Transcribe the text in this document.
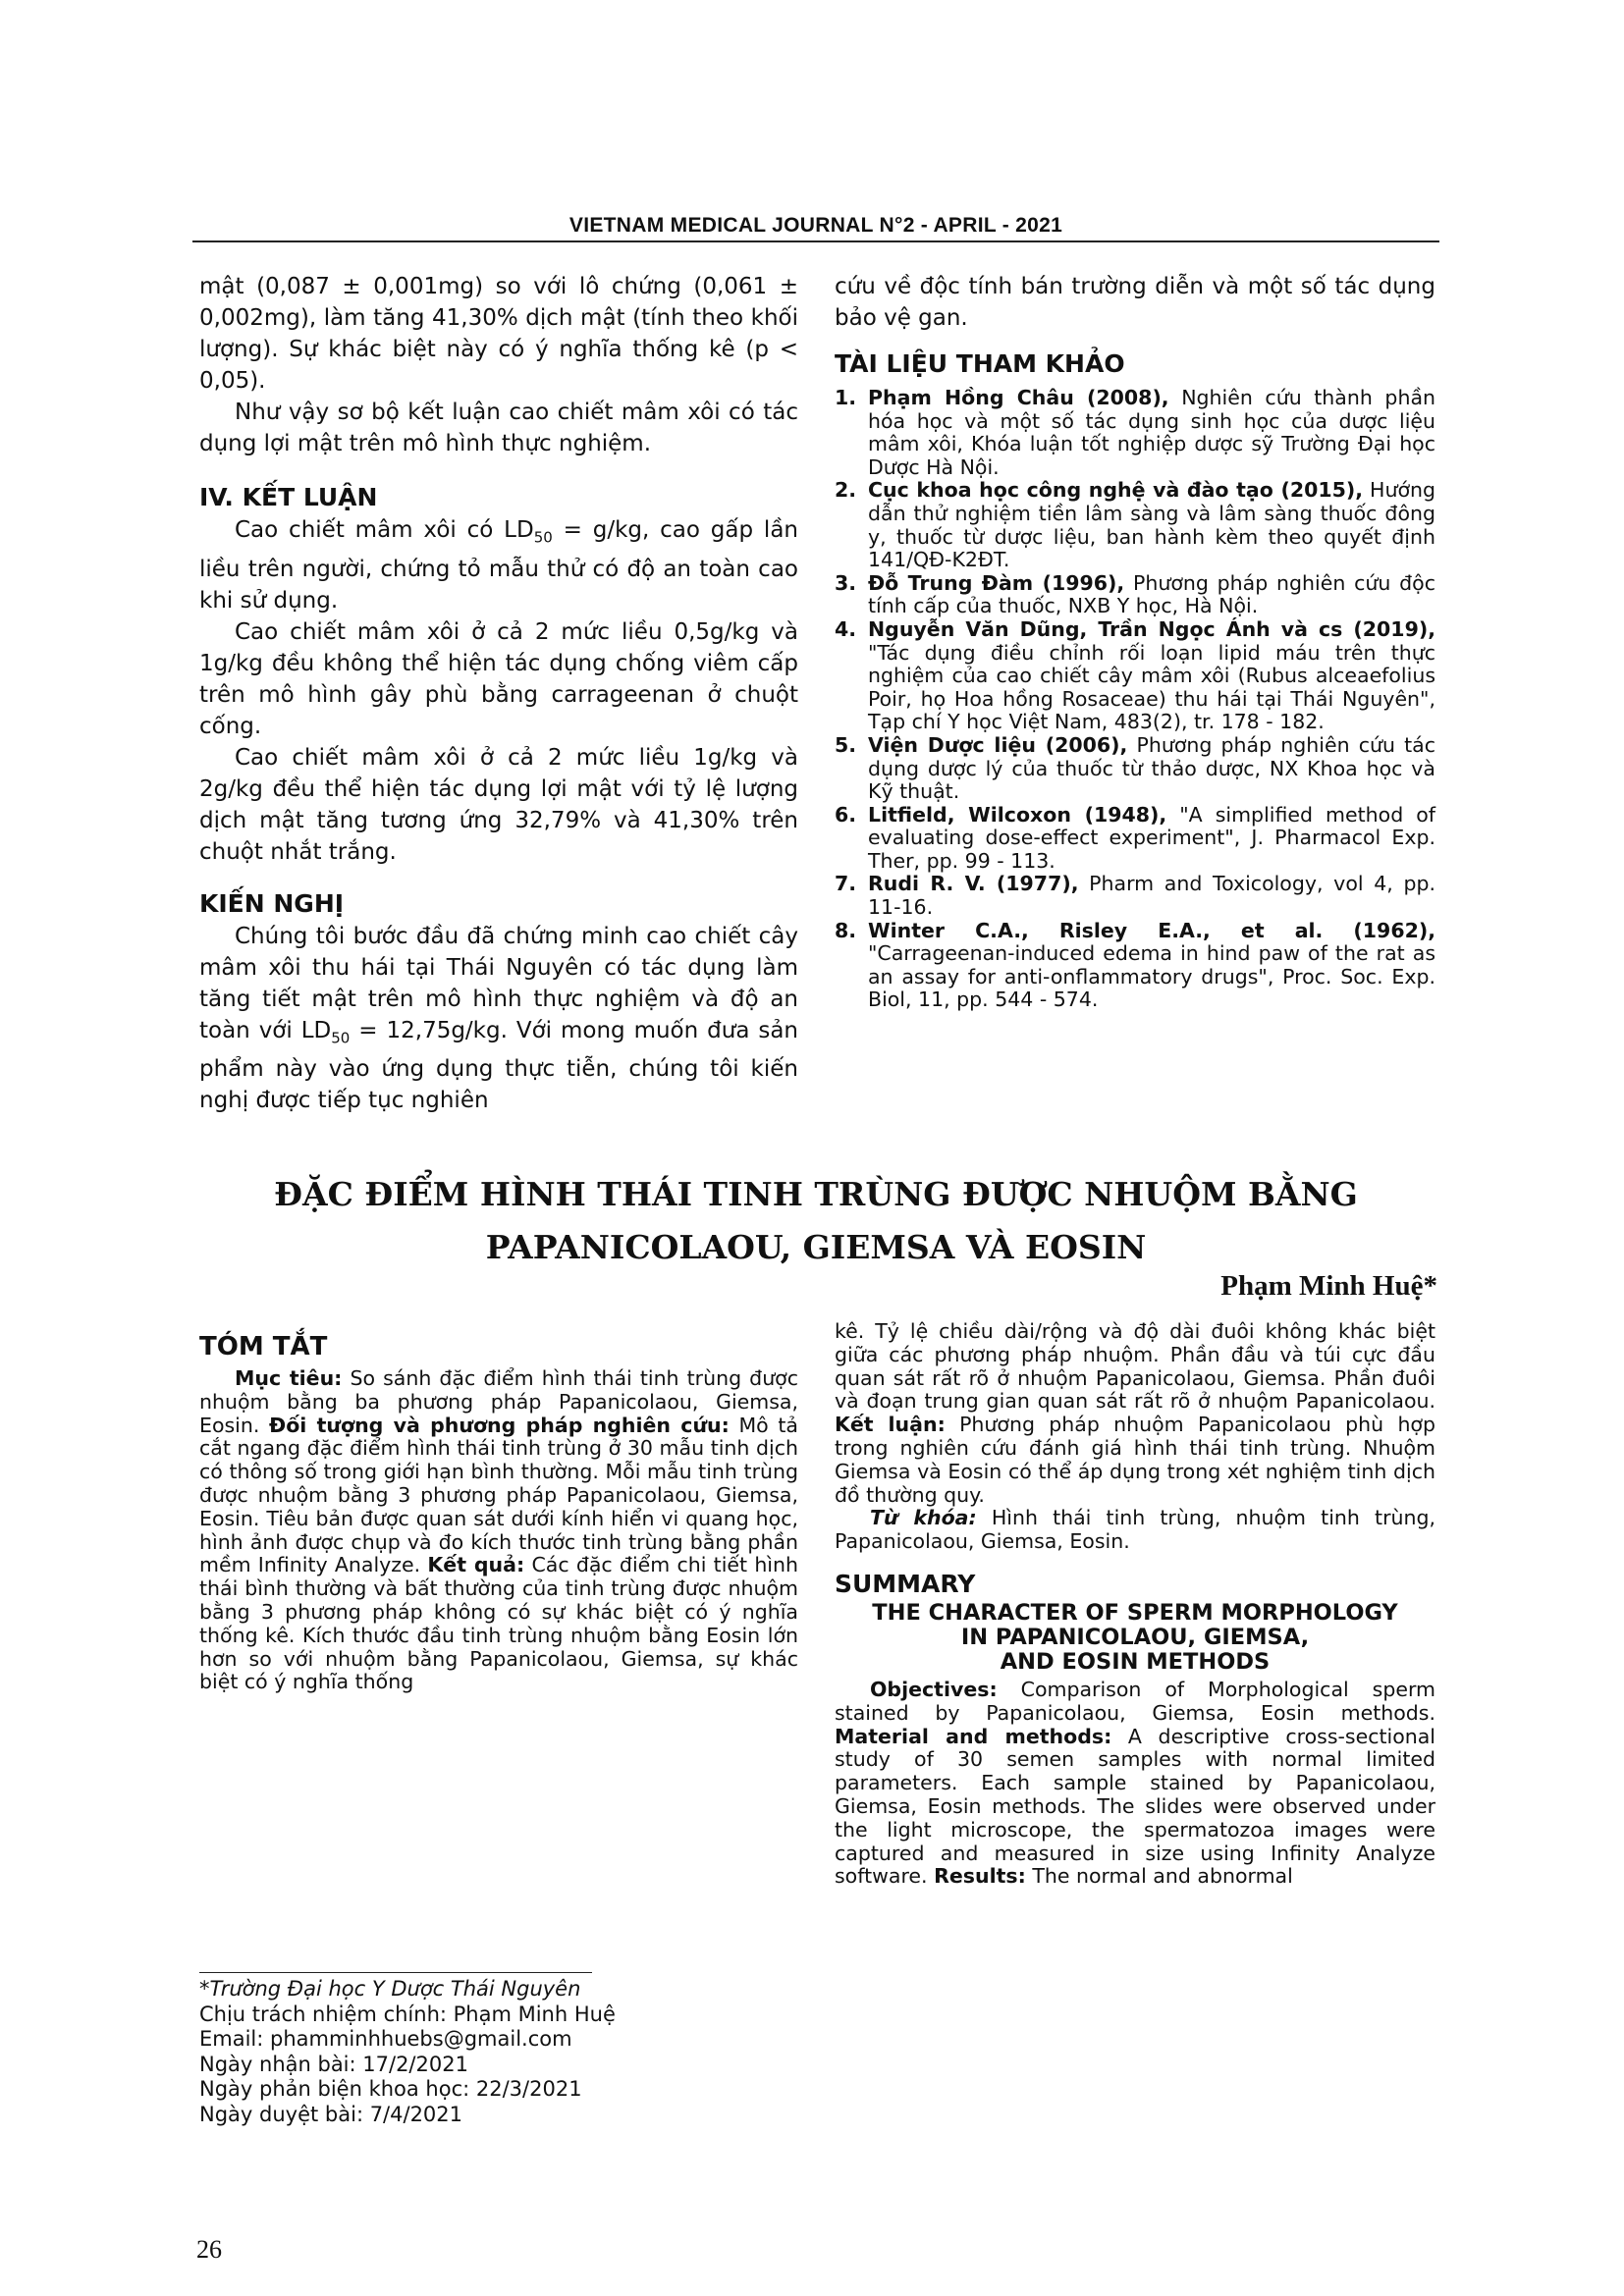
VIETNAM MEDICAL JOURNAL N°2 - APRIL - 2021

mật (0,087 ± 0,001mg) so với lô chứng (0,061 ± 0,002mg), làm tăng 41,30% dịch mật (tính theo khối lượng). Sự khác biệt này có ý nghĩa thống kê (p < 0,05).

Như vậy sơ bộ kết luận cao chiết mâm xôi có tác dụng lợi mật trên mô hình thực nghiệm.

IV. KẾT LUẬN

Cao chiết mâm xôi có $LD_{50} = g/kg$, cao gấp lần liều trên người, chứng tỏ mẫu thử có độ an toàn cao khi sử dụng.

Cao chiết mâm xôi ở cả 2 mức liều 0,5g/kg và 1g/kg đều không thể hiện tác dụng chống viêm cấp trên mô hình gây phù bằng carrageenan ở chuột cống.

Cao chiết mâm xôi ở cả 2 mức liều 1g/kg và 2g/kg đều thể hiện tác dụng lợi mật với tỷ lệ lượng dịch mật tăng tương ứng 32,79% và 41,30% trên chuột nhắt trắng.

KIẾN NGHỊ

Chúng tôi bước đầu đã chứng minh cao chiết cây mâm xôi thu hái tại Thái Nguyên có tác dụng làm tăng tiết mật trên mô hình thực nghiệm và độ an toàn với $LD_{50} = 12,75g/kg$. Với mong muốn đưa sản phẩm này vào ứng dụng thực tiễn, chúng tôi kiến nghị được tiếp tục nghiên

cứu về độc tính bán trường diễn và một số tác dụng bảo vệ gan.

TÀI LIỆU THAM KHẢO
1. Phạm Hồng Châu (2008), Nghiên cứu thành phần hóa học và một số tác dụng sinh học của dược liệu mâm xôi, Khóa luận tốt nghiệp dược sỹ Trường Đại học Dược Hà Nội.
2. Cục khoa học công nghệ và đào tạo (2015), Hướng dẫn thử nghiệm tiền lâm sàng và lâm sàng thuốc đông y, thuốc từ dược liệu, ban hành kèm theo quyết định 141/QĐ-K2ĐT.
3. Đỗ Trung Đàm (1996), Phương pháp nghiên cứu độc tính cấp của thuốc, NXB Y học, Hà Nội.
4. Nguyễn Văn Dũng, Trần Ngọc Ánh và cs (2019), "Tác dụng điều chỉnh rối loạn lipid máu trên thực nghiệm của cao chiết cây mâm xôi (Rubus alceaefolius Poir, họ Hoa hồng Rosaceae) thu hái tại Thái Nguyên", Tạp chí Y học Việt Nam, 483(2), tr. 178 - 182.
5. Viện Dược liệu (2006), Phương pháp nghiên cứu tác dụng dược lý của thuốc từ thảo dược, NX Khoa học và Kỹ thuật.
6. Litfield, Wilcoxon (1948), "A simplified method of evaluating dose-effect experiment", J. Pharmacol Exp. Ther, pp. 99 - 113.
7. Rudi R. V. (1977), Pharm and Toxicology, vol 4, pp. 11-16.
8. Winter C.A., Risley E.A., et al. (1962), "Carrageenan-induced edema in hind paw of the rat as an assay for anti-onflammatory drugs", Proc. Soc. Exp. Biol, 11, pp. 544 - 574.
ĐẶC ĐIỂM HÌNH THÁI TINH TRÙNG ĐƯỢC NHUỘM BẰNG
PAPANICOLAOU, GIEMSA VÀ EOSIN
Phạm Minh Huệ*
TÓM TẮT

Mục tiêu: So sánh đặc điểm hình thái tinh trùng được nhuộm bằng ba phương pháp Papanicolaou, Giemsa, Eosin. Đối tượng và phương pháp nghiên cứu: Mô tả cắt ngang đặc điểm hình thái tinh trùng ở 30 mẫu tinh dịch có thông số trong giới hạn bình thường. Mỗi mẫu tinh trùng được nhuộm bằng 3 phương pháp Papanicolaou, Giemsa, Eosin. Tiêu bản được quan sát dưới kính hiển vi quang học, hình ảnh được chụp và đo kích thước tinh trùng bằng phần mềm Infinity Analyze. Kết quả: Các đặc điểm chi tiết hình thái bình thường và bất thường của tinh trùng được nhuộm bằng 3 phương pháp không có sự khác biệt có ý nghĩa thống kê. Kích thước đầu tinh trùng nhuộm bằng Eosin lớn hơn so với nhuộm bằng Papanicolaou, Giemsa, sự khác biệt có ý nghĩa thống

kê. Tỷ lệ chiều dài/rộng và độ dài đuôi không khác biệt giữa các phương pháp nhuộm. Phần đầu và túi cực đầu quan sát rất rõ ở nhuộm Papanicolaou, Giemsa. Phần đuôi và đoạn trung gian quan sát rất rõ ở nhuộm Papanicolaou. Kết luận: Phương pháp nhuộm Papanicolaou phù hợp trong nghiên cứu đánh giá hình thái tinh trùng. Nhuộm Giemsa và Eosin có thể áp dụng trong xét nghiệm tinh dịch đồ thường quy.

Từ khóa: Hình thái tinh trùng, nhuộm tinh trùng, Papanicolaou, Giemsa, Eosin.

SUMMARY

THE CHARACTER OF SPERM MORPHOLOGY

IN PAPANICOLAOU, GIEMSA,

AND EOSIN METHODS

Objectives: Comparison of Morphological sperm stained by Papanicolaou, Giemsa, Eosin methods. Material and methods: A descriptive cross-sectional study of 30 semen samples with normal limited parameters. Each sample stained by Papanicolaou, Giemsa, Eosin methods. The slides were observed under the light microscope, the spermatozoa images were captured and measured in size using Infinity Analyze software. Results: The normal and abnormal

*Trường Đại học Y Dược Thái Nguyên
Chịu trách nhiệm chính: Phạm Minh Huệ
Email: phamminhhuebs@gmail.com
Ngày nhận bài: 17/2/2021
Ngày phản biện khoa học: 22/3/2021
Ngày duyệt bài: 7/4/2021
26
